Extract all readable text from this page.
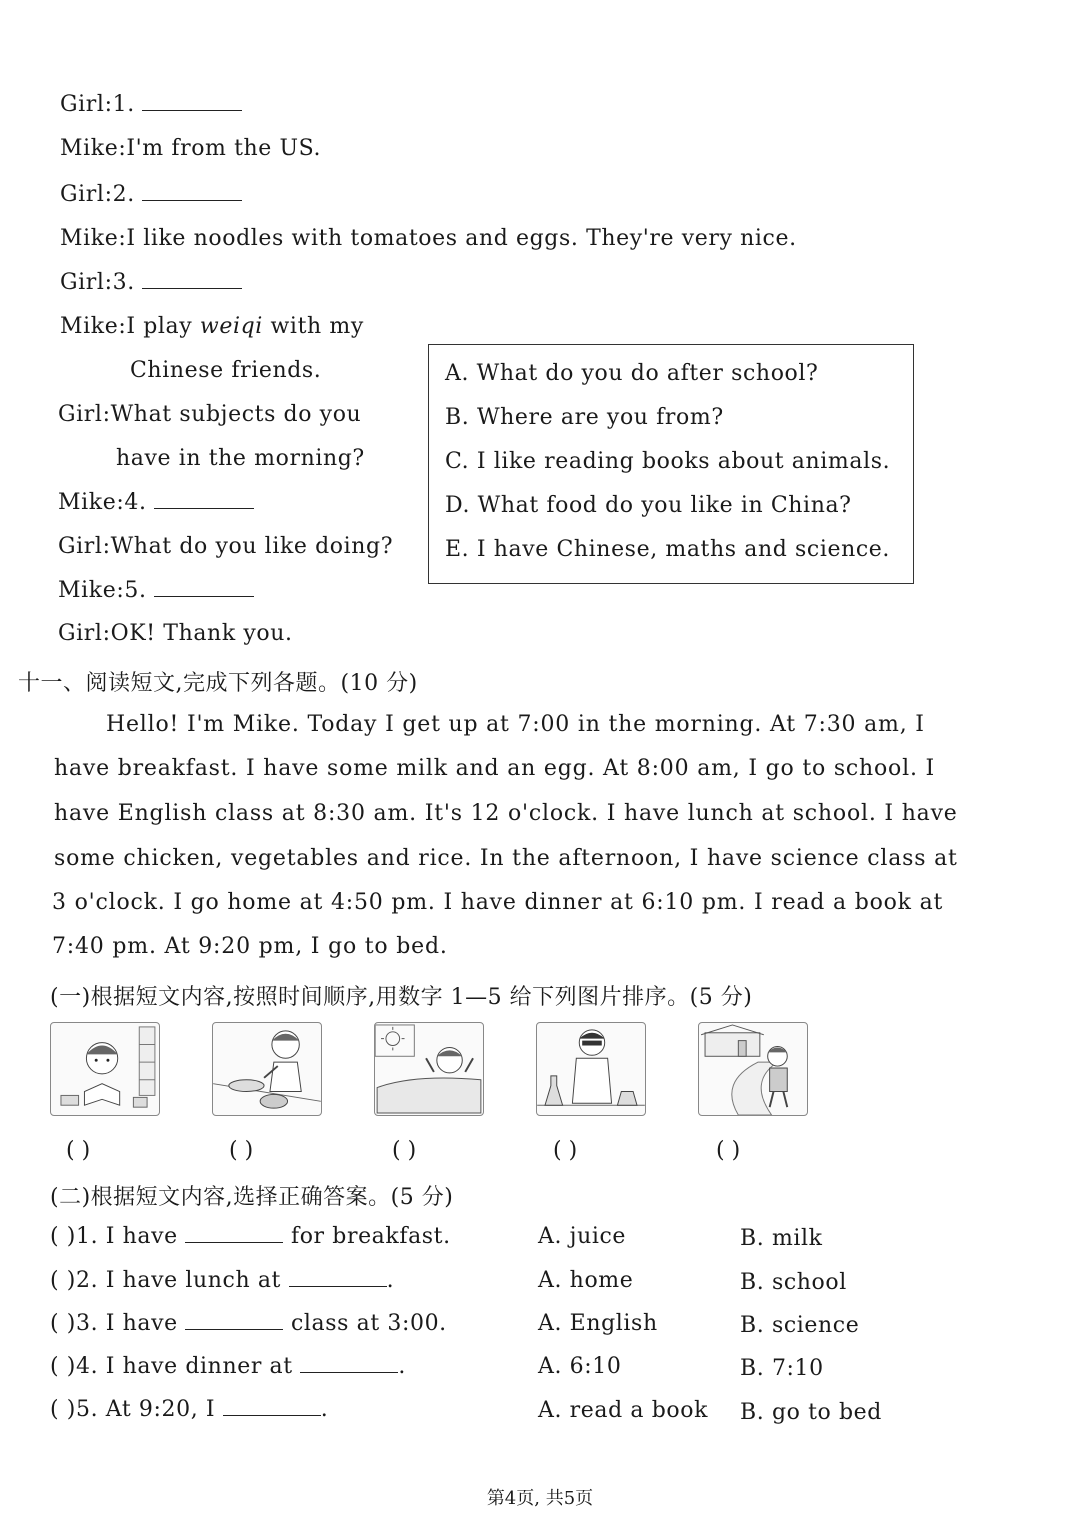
Girl:1.
Mike:I'm from the US.
Girl:2.
Mike:I like noodles with tomatoes and eggs. They're very nice.
Girl:3.
Mike:I play weiqi with my
Chinese friends.
Girl:What subjects do you
have in the morning?
Mike:4.
Girl:What do you like doing?
Mike:5.
Girl:OK! Thank you.
A. What do you do after school?
B. Where are you from?
C. I like reading books about animals.
D. What food do you like in China?
E. I have Chinese, maths and science.
十一、阅读短文,完成下列各题。(10 分)
Hello! I'm Mike. Today I get up at 7:00 in the morning. At 7:30 am, I
have breakfast. I have some milk and an egg. At 8:00 am, I go to school. I
have English class at 8:30 am. It's 12 o'clock. I have lunch at school. I have
some chicken, vegetables and rice. In the afternoon, I have science class at
3 o'clock. I go home at 4:50 pm. I have dinner at 6:10 pm. I read a book at
7:40 pm. At 9:20 pm, I go to bed.
(一)根据短文内容,按照时间顺序,用数字 1—5 给下列图片排序。(5 分)
( )	( )	( )	( )	( )
(二)根据短文内容,选择正确答案。(5 分)
( )1. I have	for breakfast.	A. juice	B. milk
( )2. I have lunch at	.	A. home	B. school
( )3. I have	class at 3:00.	A. English	B. science
( )4. I have dinner at	.	A. 6:10	B. 7:10
( )5. At 9:20, I	.	A. read a book B. go to bed
第4页, 共5页
